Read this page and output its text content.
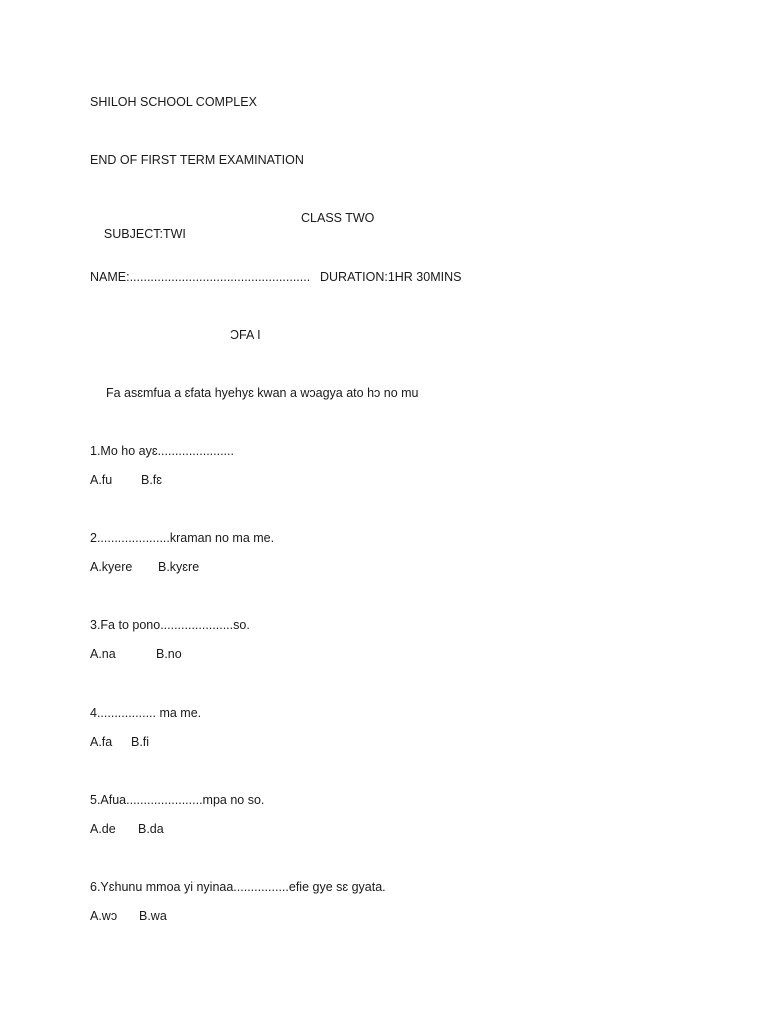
SHILOH SCHOOL COMPLEX
END OF FIRST TERM EXAMINATION

SUBJECT:TWI

CLASS TWO
NAME:.................................................... DURATION:1HR 30MINS
ƆFA I
Fa asɛmfua a ɛfata hyehyɛ kwan a wɔagya ato hɔ no mu
1.Mo ho ayɛ......................
A.fu B.fɛ
2.....................kraman no ma me.
A.kyere B.kyɛre
3.Fa to pono.....................so.
A.na	B.no
4................. ma me.
A.fa B.fi
5.Afua......................mpa no so.
A.de B.da
6.Yɛhunu mmoa yi nyinaa................efie gye sɛ gyata.
A.wɔ B.wa
